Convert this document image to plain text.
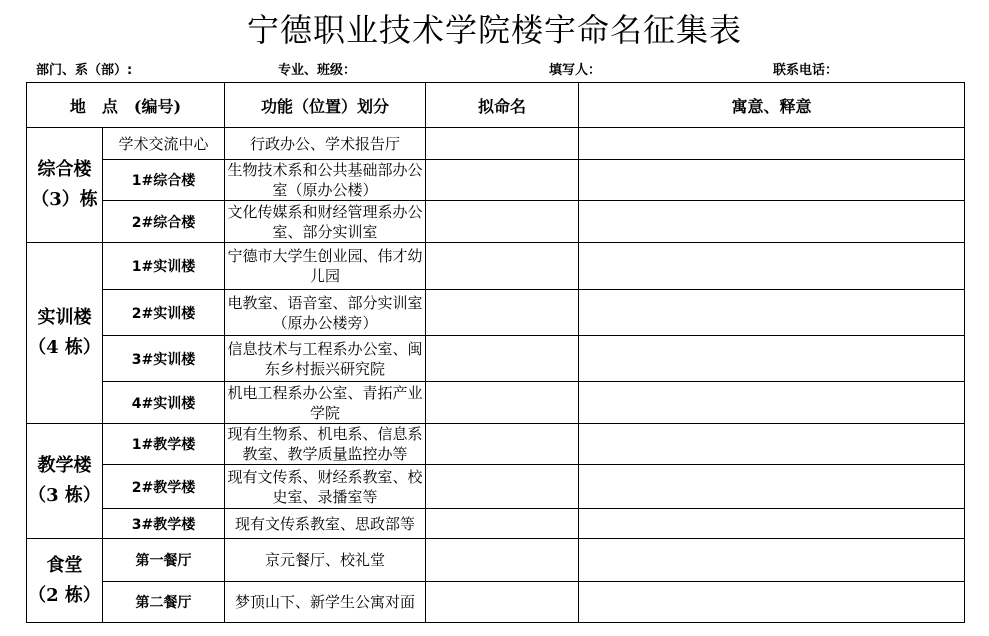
宁德职业技术学院楼宇命名征集表
部门、系（部）:	专业、班级：	填写人：	联系电话：
地　点　(编号)		功能（位置）划分	拟命名	寓意、释意

综合楼
（3）栋	学术交流中心	行政办公、学术报告厅		
	1#综合楼	生物技术系和公共基础部办公室（原办公楼）		
	2#综合楼	文化传媒系和财经管理系办公室、部分实训室		

实训楼
（4 栋）	1#实训楼	宁德市大学生创业园、伟才幼儿园		
	2#实训楼	电教室、语音室、部分实训室（原办公楼旁）		
	3#实训楼	信息技术与工程系办公室、闽东乡村振兴研究院		
	4#实训楼	机电工程系办公室、青拓产业学院		

教学楼
（3 栋）	1#教学楼	现有生物系、机电系、信息系教室、教学质量监控办等		
	2#教学楼	现有文传系、财经系教室、校史室、录播室等		
	3#教学楼	现有文传系教室、思政部等		

食堂
（2 栋）	第一餐厅	京元餐厅、校礼堂		
	第二餐厅	梦顶山下、新学生公寓对面		
